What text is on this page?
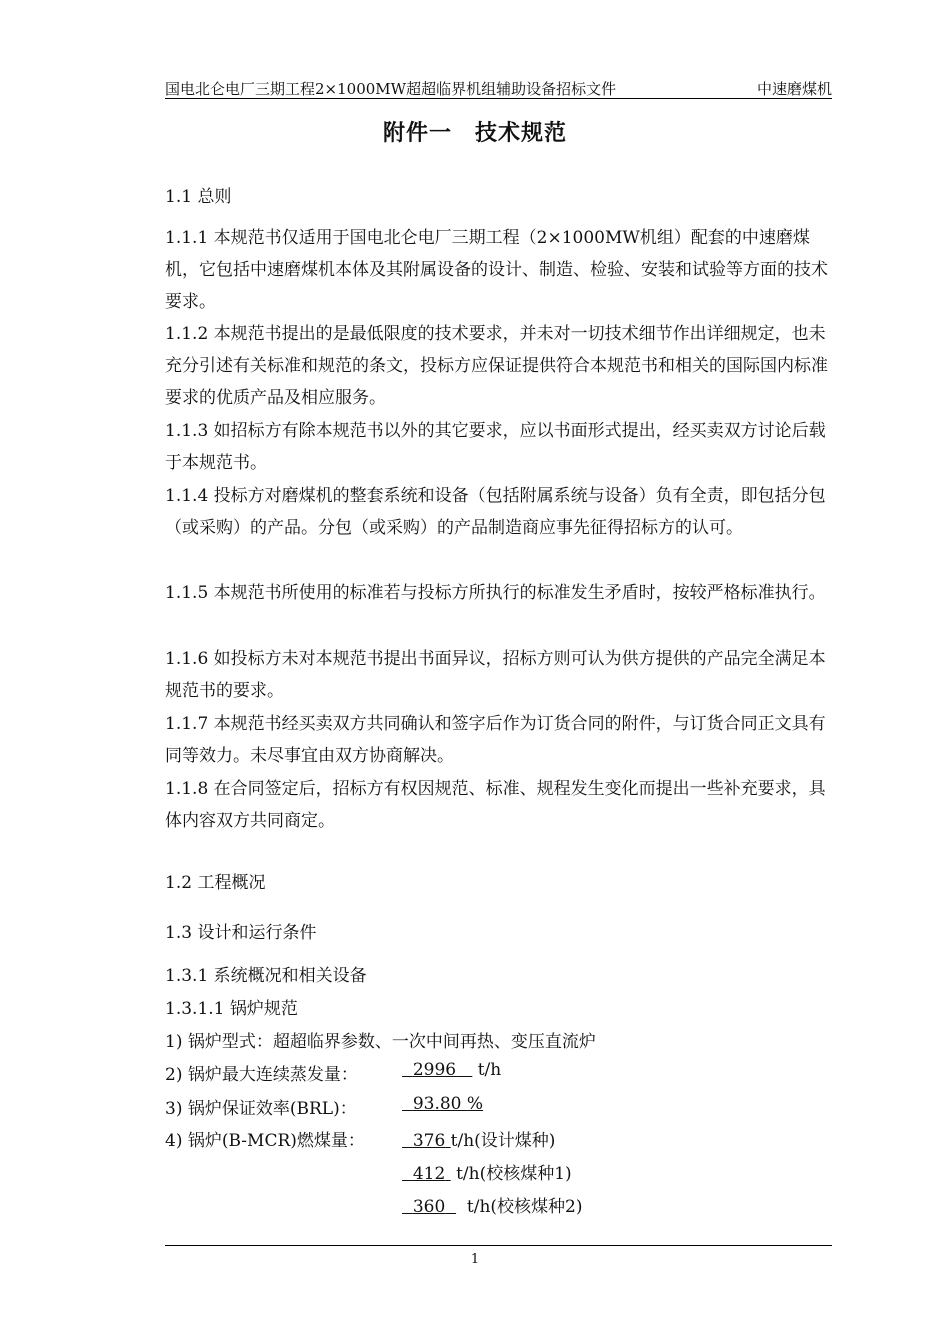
国电北仑电厂三期工程2×1000MW超超临界机组辅助设备招标文件	中速磨煤机
附件一　技术规范
1.1 总则
1.1.1 本规范书仅适用于国电北仑电厂三期工程（2×1000MW机组）配套的中速磨煤机，它包括中速磨煤机本体及其附属设备的设计、制造、检验、安装和试验等方面的技术要求。
1.1.2 本规范书提出的是最低限度的技术要求，并未对一切技术细节作出详细规定，也未充分引述有关标准和规范的条文，投标方应保证提供符合本规范书和相关的国际国内标准要求的优质产品及相应服务。
1.1.3 如招标方有除本规范书以外的其它要求，应以书面形式提出，经买卖双方讨论后载于本规范书。
1.1.4 投标方对磨煤机的整套系统和设备（包括附属系统与设备）负有全责，即包括分包（或采购）的产品。分包（或采购）的产品制造商应事先征得招标方的认可。
1.1.5 本规范书所使用的标准若与投标方所执行的标准发生矛盾时，按较严格标准执行。
1.1.6 如投标方未对本规范书提出书面异议，招标方则可认为供方提供的产品完全满足本规范书的要求。
1.1.7 本规范书经买卖双方共同确认和签字后作为订货合同的附件，与订货合同正文具有同等效力。未尽事宜由双方协商解决。
1.1.8 在合同签定后，招标方有权因规范、标准、规程发生变化而提出一些补充要求，具体内容双方共同商定。
1.2 工程概况
1.3 设计和运行条件
1.3.1 系统概况和相关设备
1.3.1.1 锅炉规范
1) 锅炉型式：超超临界参数、一次中间再热、变压直流炉
2) 锅炉最大连续蒸发量：	2996 t/h
3) 锅炉保证效率(BRL)：	93.80 %
4) 锅炉(B-MCR)燃煤量：	376 t/h(设计煤种)
412 t/h(校核煤种1)
360 t/h(校核煤种2)
1
